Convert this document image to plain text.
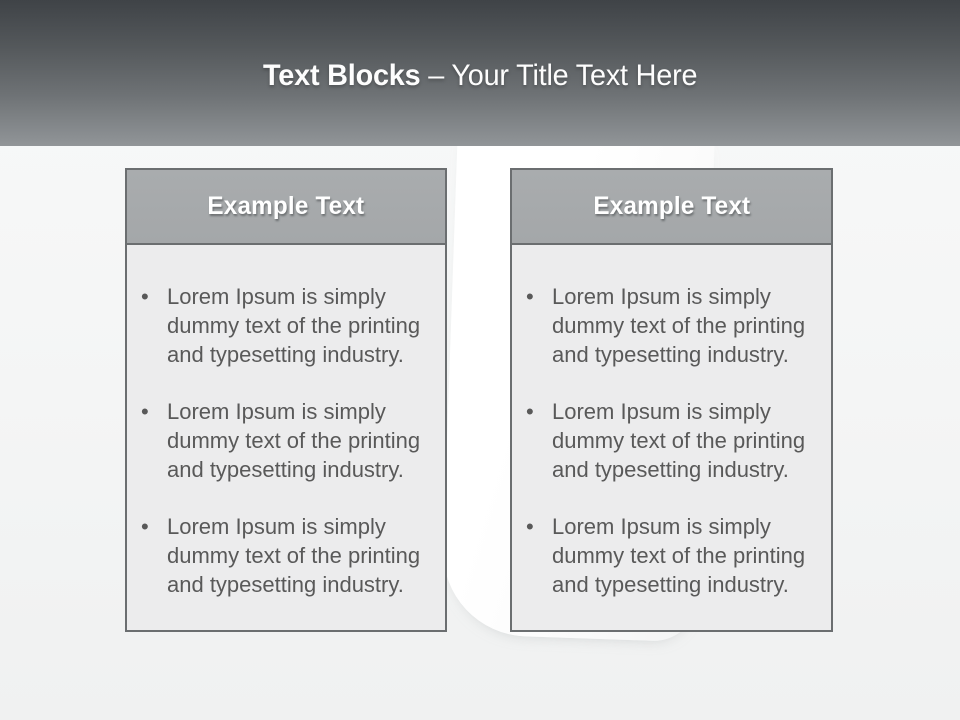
Text Blocks – Your Title Text Here
Example Text
• Lorem Ipsum is simply dummy text of the printing and typesetting industry.
• Lorem Ipsum is simply dummy text of the printing and typesetting industry.
• Lorem Ipsum is simply dummy text of the printing and typesetting industry.
Example Text
• Lorem Ipsum is simply dummy text of the printing and typesetting industry.
• Lorem Ipsum is simply dummy text of the printing and typesetting industry.
• Lorem Ipsum is simply dummy text of the printing and typesetting industry.
